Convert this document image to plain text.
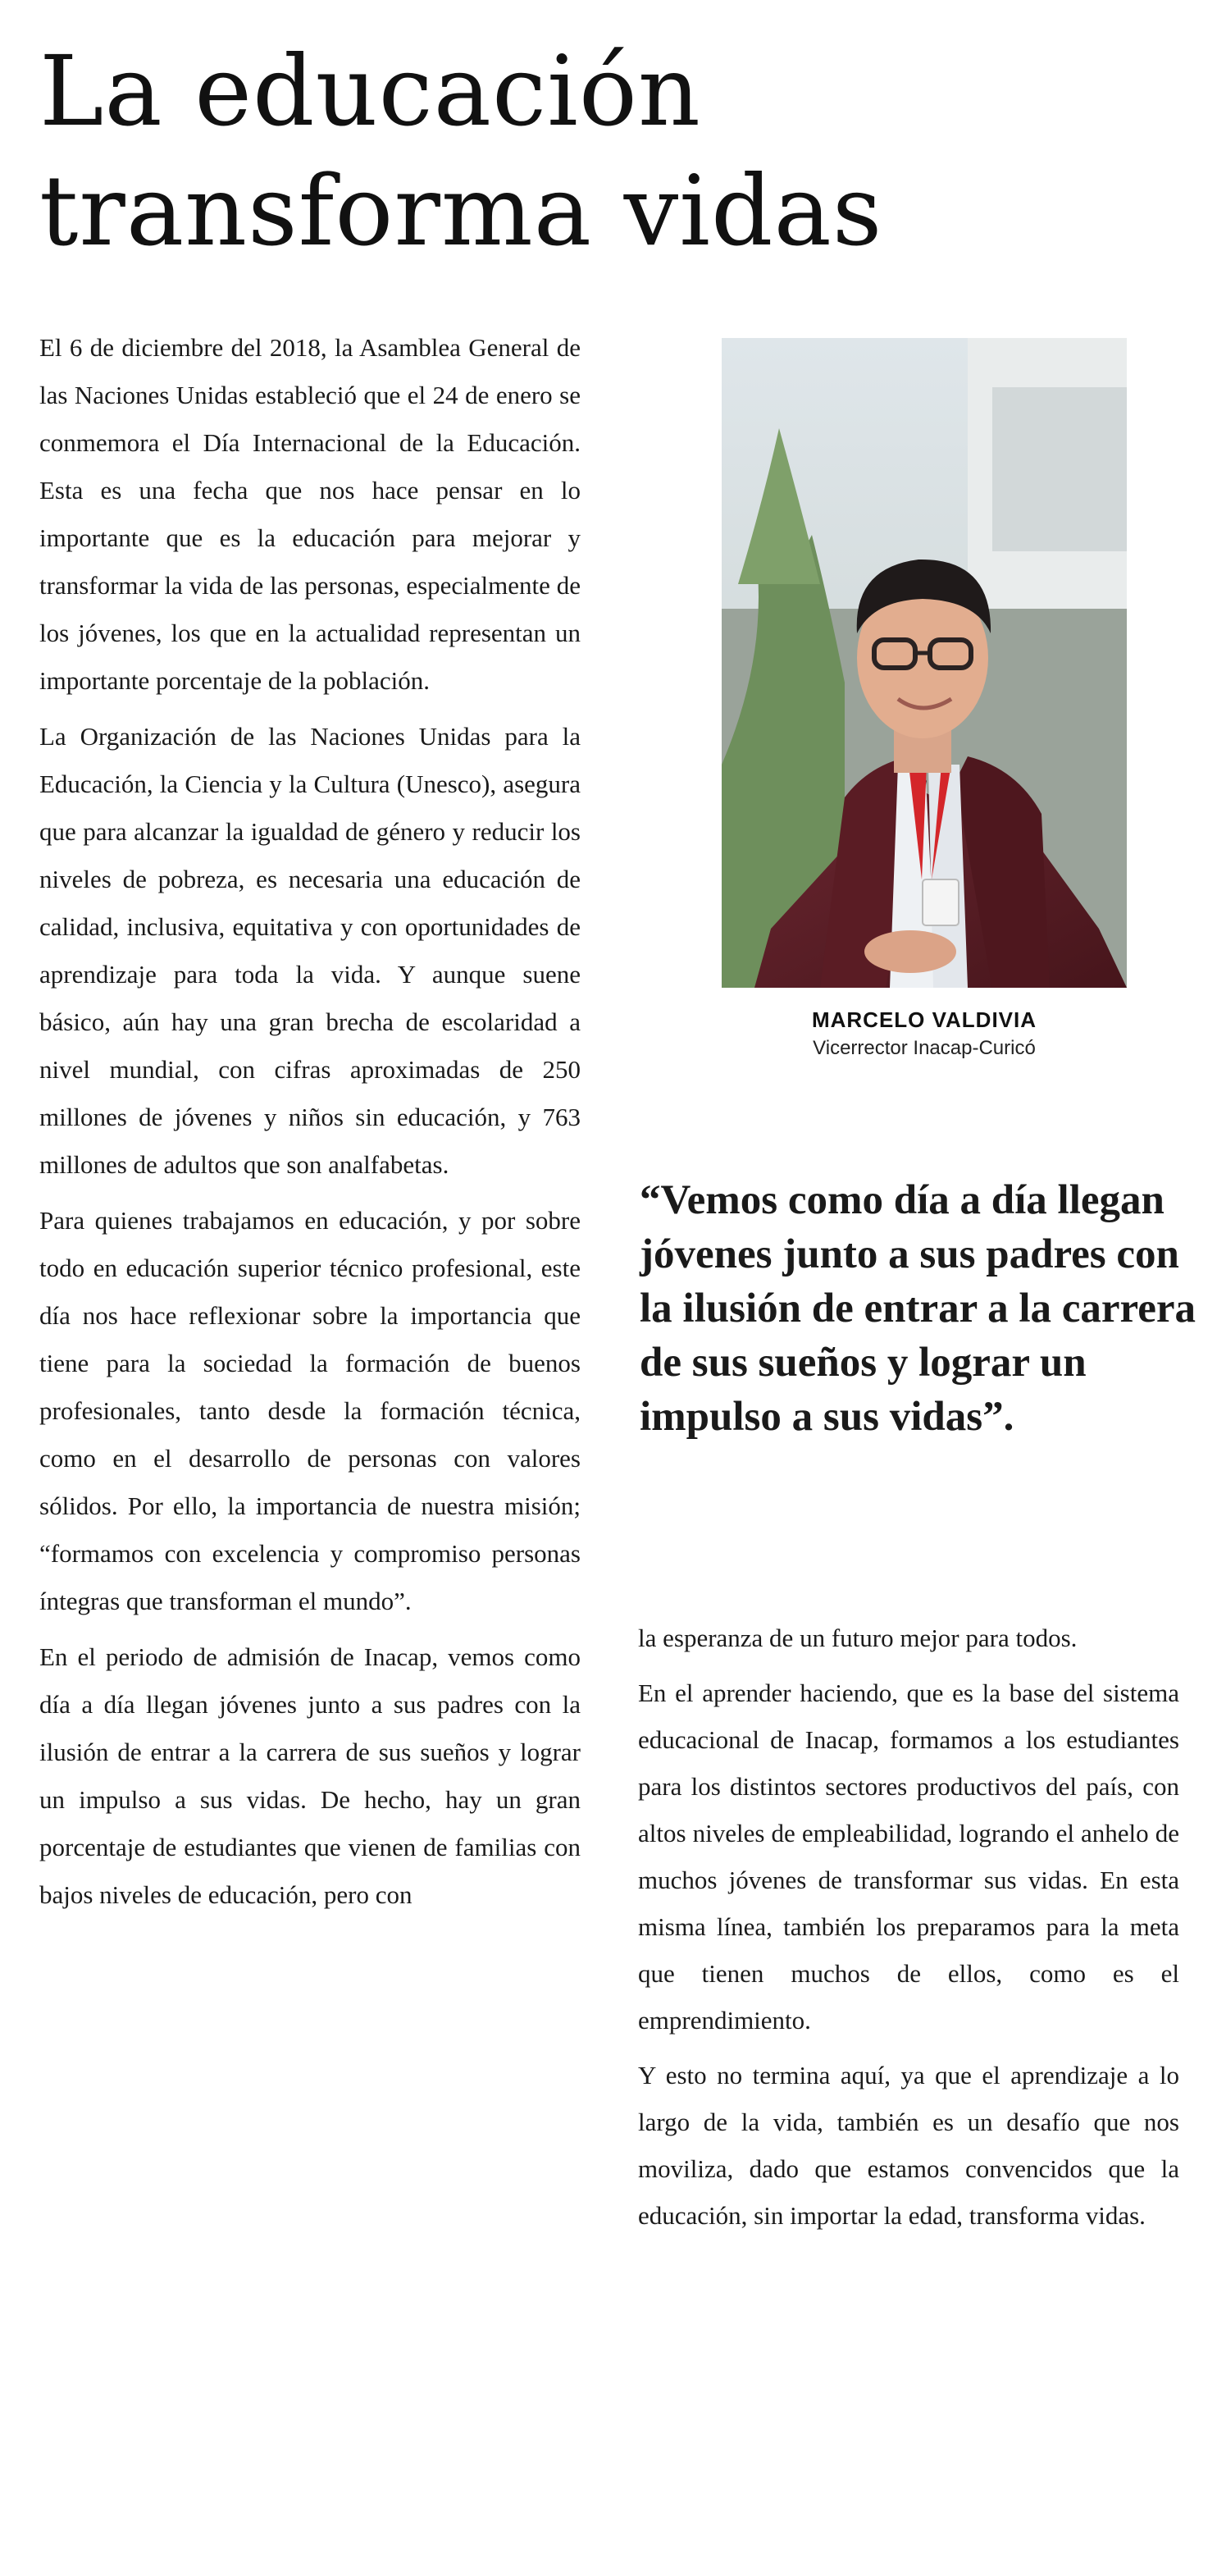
La educación transforma vidas

El 6 de diciembre del 2018, la Asamblea General de las Naciones Unidas estableció que el 24 de enero se conmemora el Día Internacional de la Educación. Esta es una fecha que nos hace pensar en lo importante que es la educación para mejorar y transformar la vida de las personas, especialmente de los jóvenes, los que en la actualidad representan un importante porcentaje de la población.

La Organización de las Naciones Unidas para la Educación, la Ciencia y la Cultura (Unesco), asegura que para alcanzar la igualdad de género y reducir los niveles de pobreza, es necesaria una educación de calidad, inclusiva, equitativa y con oportunidades de aprendizaje para toda la vida. Y aunque suene básico, aún hay una gran brecha de escolaridad a nivel mundial, con cifras aproximadas de 250 millones de jóvenes y niños sin educación, y 763 millones de adultos que son analfabetas.

Para quienes trabajamos en educación, y por sobre todo en educación superior técnico profesional, este día nos hace reflexionar sobre la importancia que tiene para la sociedad la formación de buenos profesionales, tanto desde la formación técnica, como en el desarrollo de personas con valores sólidos. Por ello, la importancia de nuestra misión; “formamos con excelencia y compromiso personas íntegras que transforman el mundo”.

En el periodo de admisión de Inacap, vemos como día a día llegan jóvenes junto a sus padres con la ilusión de entrar a la carrera de sus sueños y lograr un impulso a sus vidas. De hecho, hay un gran porcentaje de estudiantes que vienen de familias con bajos niveles de educación, pero con

MARCELO VALDIVIA
Vicerrector Inacap-Curicó
“Vemos como día a día llegan jóvenes junto a sus padres con la ilusión de entrar a la carrera de sus sueños y lograr un impulso a sus vidas”.

la esperanza de un futuro mejor para todos.

En el aprender haciendo, que es la base del sistema educacional de Inacap, formamos a los estudiantes para los distintos sectores productivos del país, con altos niveles de empleabilidad, logrando el anhelo de muchos jóvenes de transformar sus vidas. En esta misma línea, también los preparamos para la meta que tienen muchos de ellos, como es el emprendimiento.

Y esto no termina aquí, ya que el aprendizaje a lo largo de la vida, también es un desafío que nos moviliza, dado que estamos convencidos que la educación, sin importar la edad, transforma vidas.
